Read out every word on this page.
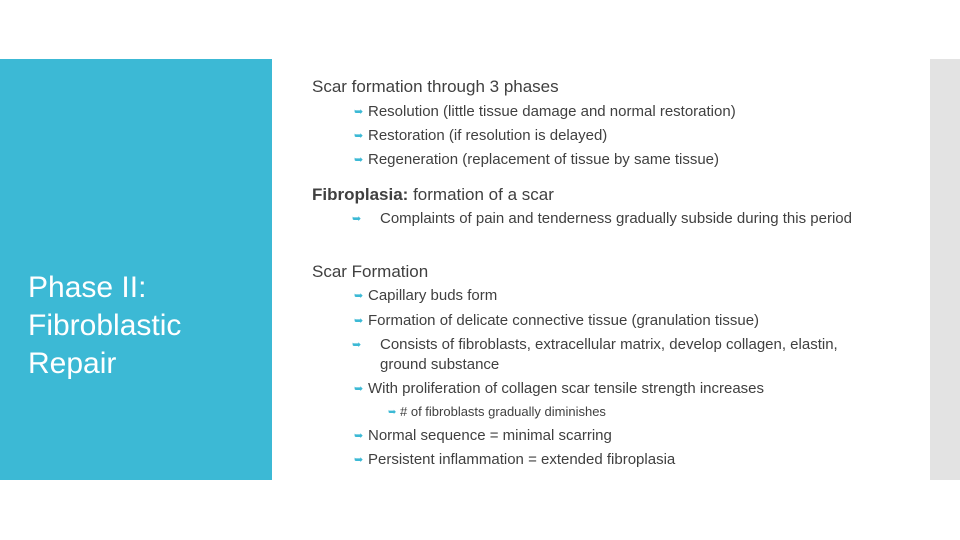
Phase II:
Fibroblastic
Repair
Scar formation through 3 phases
➥ Resolution (little tissue damage and normal restoration)
➥ Restoration (if resolution is delayed)
➥ Regeneration (replacement of tissue by same tissue)
Fibroplasia: formation of a scar
➥ Complaints of pain and tenderness gradually subside during this period
Scar Formation
➥ Capillary buds form
➥ Formation of delicate connective tissue (granulation tissue)
➥ Consists of fibroblasts, extracellular matrix, develop collagen, elastin, ground substance
➥ With proliferation of collagen scar tensile strength increases
➥ # of fibroblasts gradually diminishes
➥ Normal sequence = minimal scarring
➥ Persistent inflammation = extended fibroplasia
